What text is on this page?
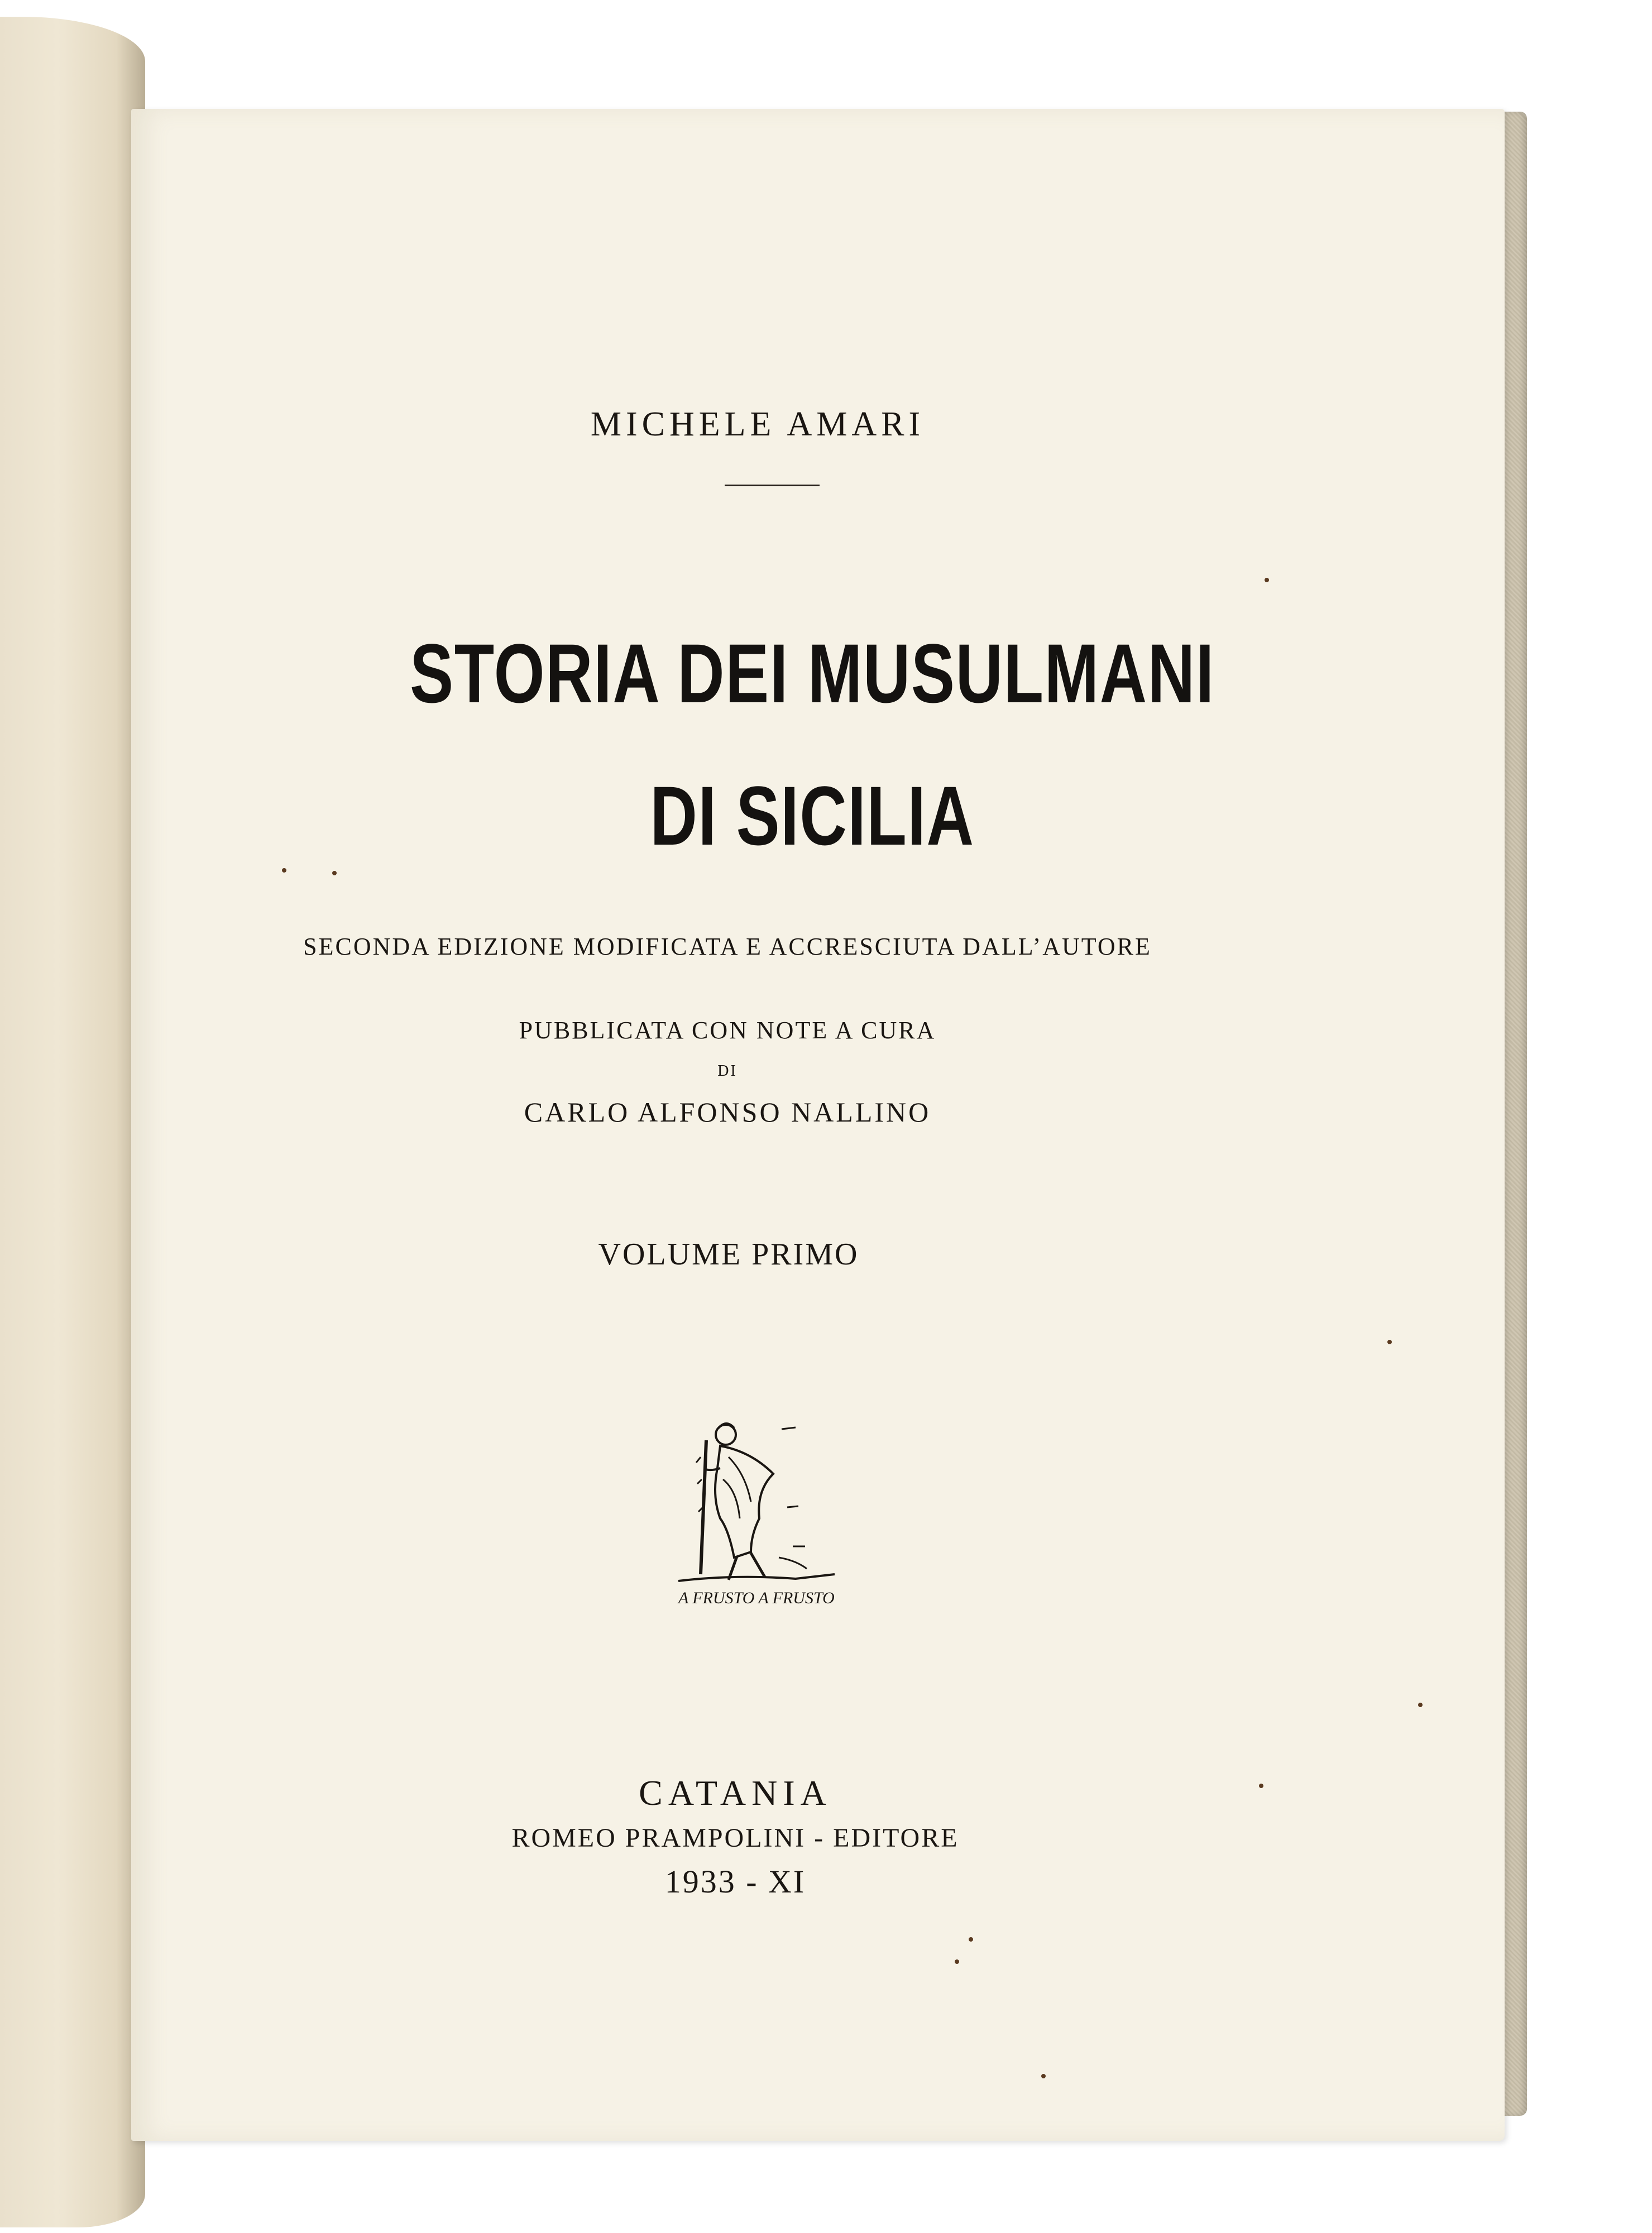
MICHELE AMARI
STORIA DEI MUSULMANI
DI SICILIA
SECONDA EDIZIONE MODIFICATA E ACCRESCIUTA DALL’AUTORE
PUBBLICATA CON NOTE A CURA
DI
CARLO ALFONSO NALLINO
VOLUME PRIMO
A FRUSTO A FRUSTO
CATANIA
ROMEO PRAMPOLINI - EDITORE
1933 - XI
